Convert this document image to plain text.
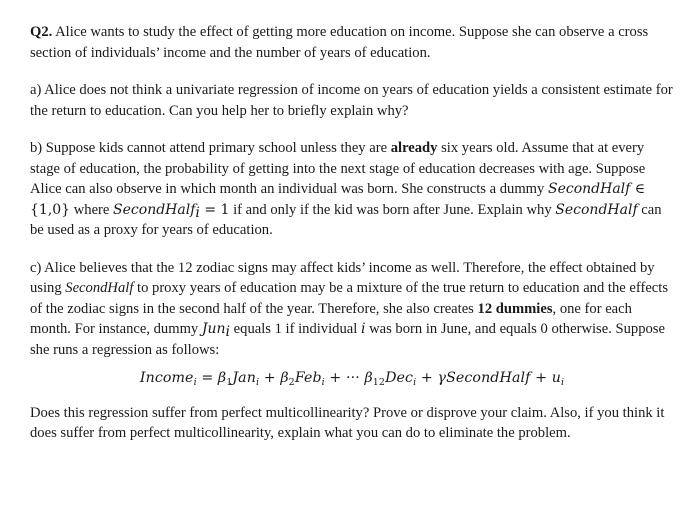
Q2. Alice wants to study the effect of getting more education on income. Suppose she can observe a cross section of individuals’ income and the number of years of education.

a) Alice does not think a univariate regression of income on years of education yields a consistent estimate for the return to education. Can you help her to briefly explain why?

b) Suppose kids cannot attend primary school unless they are already six years old. Assume that at every stage of education, the probability of getting into the next stage of education decreases with age. Suppose Alice can also observe in which month an individual was born. She constructs a dummy SecondHalf ∈ {1,0} where SecondHalf$_i$ = 1 if and only if the kid was born after June. Explain why SecondHalf can be used as a proxy for years of education.

c) Alice believes that the 12 zodiac signs may affect kids’ income as well. Therefore, the effect obtained by using SecondHalf to proxy years of education may be a mixture of the true return to education and the effects of the zodiac signs in the second half of the year. Therefore, she also creates 12 dummies, one for each month. For instance, dummy Jun$_i$ equals 1 if individual i was born in June, and equals 0 otherwise. Suppose she runs a regression as follows:

Income$_i$ = $\beta_1Jan_i + \beta_2Feb_i$ + ··· $\beta_{12}Dec_i$ + γSecondHalf + $u_i$

Does this regression suffer from perfect multicollinearity? Prove or disprove your claim. Also, if you think it does suffer from perfect multicollinearity, explain what you can do to eliminate the problem.
